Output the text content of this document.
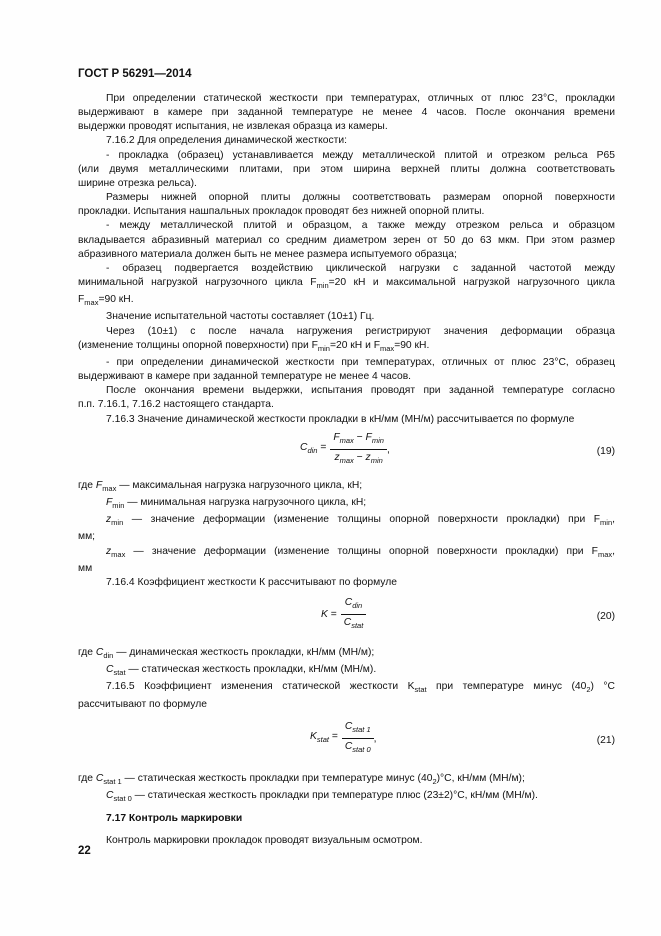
ГОСТ Р 56291—2014

При определении статической жесткости при температурах, отличных от плюс 23°С, прокладки

выдерживают в камере при заданной температуре не менее 4 часов. После окончания времени

выдержки проводят испытания, не извлекая образца из камеры.

7.16.2 Для определения динамической жесткости:

- прокладка (образец) устанавливается между металлической плитой и отрезком рельса Р65

(или двумя металлическими плитами, при этом ширина верхней плиты должна соответствовать

ширине отрезка рельса).

Размеры нижней опорной плиты должны соответствовать размерам опорной поверхности

прокладки. Испытания нашпальных прокладок проводят без нижней опорной плиты.

- между металлической плитой и образцом, а также между отрезком рельса и образцом

вкладывается абразивный материал со средним диаметром зерен от 50 до 63 мкм. При этом размер

абразивного материала должен быть не менее размера испытуемого образца;

- образец подвергается воздействию циклической нагрузки с заданной частотой между

минимальной нагрузкой нагрузочного цикла $F_{min}=20$ кН и максимальной нагрузкой нагрузочного цикла

$F_{max}=90$ кН.

Значение испытательной частоты составляет (10±1) Гц.

Через (10±1) с после начала нагружения регистрируют значения деформации образца

(изменение толщины опорной поверхности) при $F_{min}=20$ кН и $F_{max}=90$ кН.

- при определении динамической жесткости при температурах, отличных от плюс 23°С, образец

выдерживают в камере при заданной температуре не менее 4 часов.

После окончания времени выдержки, испытания проводят при заданной температуре согласно

п.п. 7.16.1, 7.16.2 настоящего стандарта.

7.16.3 Значение динамической жесткости прокладки в кН/мм (МН/м) рассчитывается по формуле

$C_{din} = \frac{F_{max} - F_{min}}{z_{max} - z_{min}}$ ,	(19)

где $F_{max}$ — максимальная нагрузка нагрузочного цикла, кН;

$F_{min}$ — минимальная нагрузка нагрузочного цикла, кН;

$z_{min}$ — значение деформации (изменение толщины опорной поверхности прокладки) при $F_{min}$,

мм;

$z_{max}$ — значение деформации (изменение толщины опорной поверхности прокладки) при $F_{max}$,

мм

7.16.4 Коэффициент жесткости К рассчитывают по формуле

$K = \frac{C_{din}}{C_{stat}}$	(20)

где $C_{din}$ — динамическая жесткость прокладки, кН/мм (МН/м);

$C_{stat}$ — статическая жесткость прокладки, кН/мм (МН/м).

7.16.5 Коэффициент изменения статической жесткости $K_{stat}$ при температуре минус $(40_2)$ °С

рассчитывают по формуле

$K_{stat} = \frac{C_{stat 1}}{C_{stat 0}}$ ,	(21)

где $C_{stat 1}$ — статическая жесткость прокладки при температуре минус $(40_2)^\circ С$, кН/мм (МН/м);

$C_{stat 0}$ — статическая жесткость прокладки при температуре плюс (23±2)°С, кН/мм (МН/м).

7.17 Контроль маркировки

Контроль маркировки прокладок проводят визуальным осмотром.

22
